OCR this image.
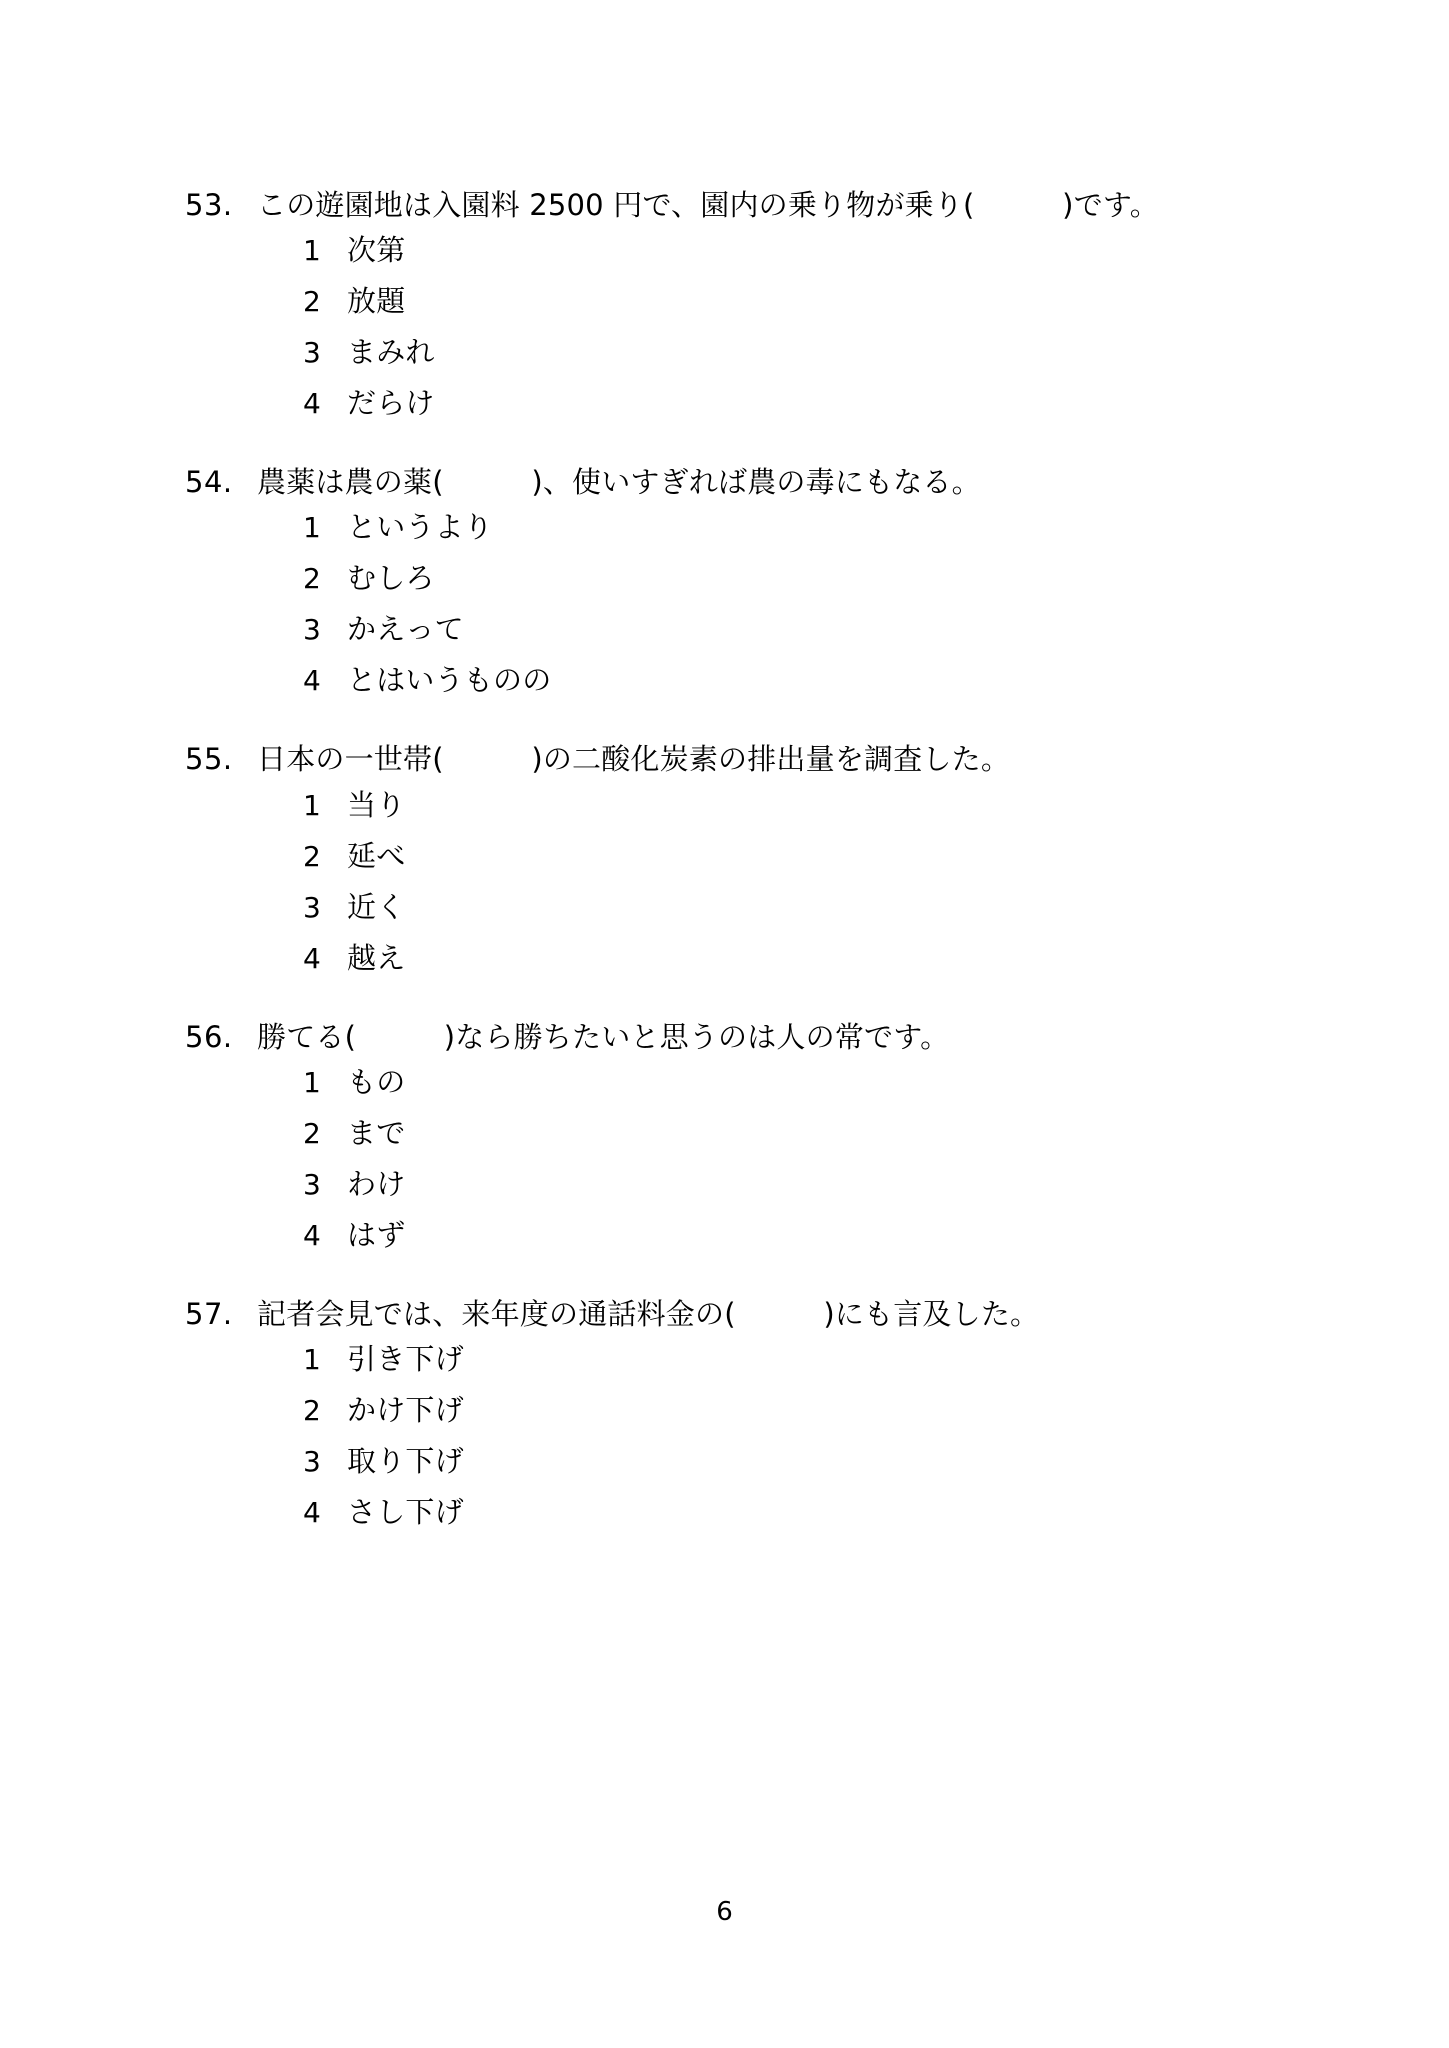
53. この遊園地は入園料 2500 円で、園内の乗り物が乗り(　　　)です。
1 次第
2 放題
3 まみれ
4 だらけ
54. 農薬は農の薬(　　　)、使いすぎれば農の毒にもなる。
1 というより
2 むしろ
3 かえって
4 とはいうものの
55. 日本の一世帯(　　　)の二酸化炭素の排出量を調査した。
1 当り
2 延べ
3 近く
4 越え
56. 勝てる(　　　)なら勝ちたいと思うのは人の常です。
1 もの
2 まで
3 わけ
4 はず
57. 記者会見では、来年度の通話料金の(　　　)にも言及した。
1 引き下げ
2 かけ下げ
3 取り下げ
4 さし下げ
6
